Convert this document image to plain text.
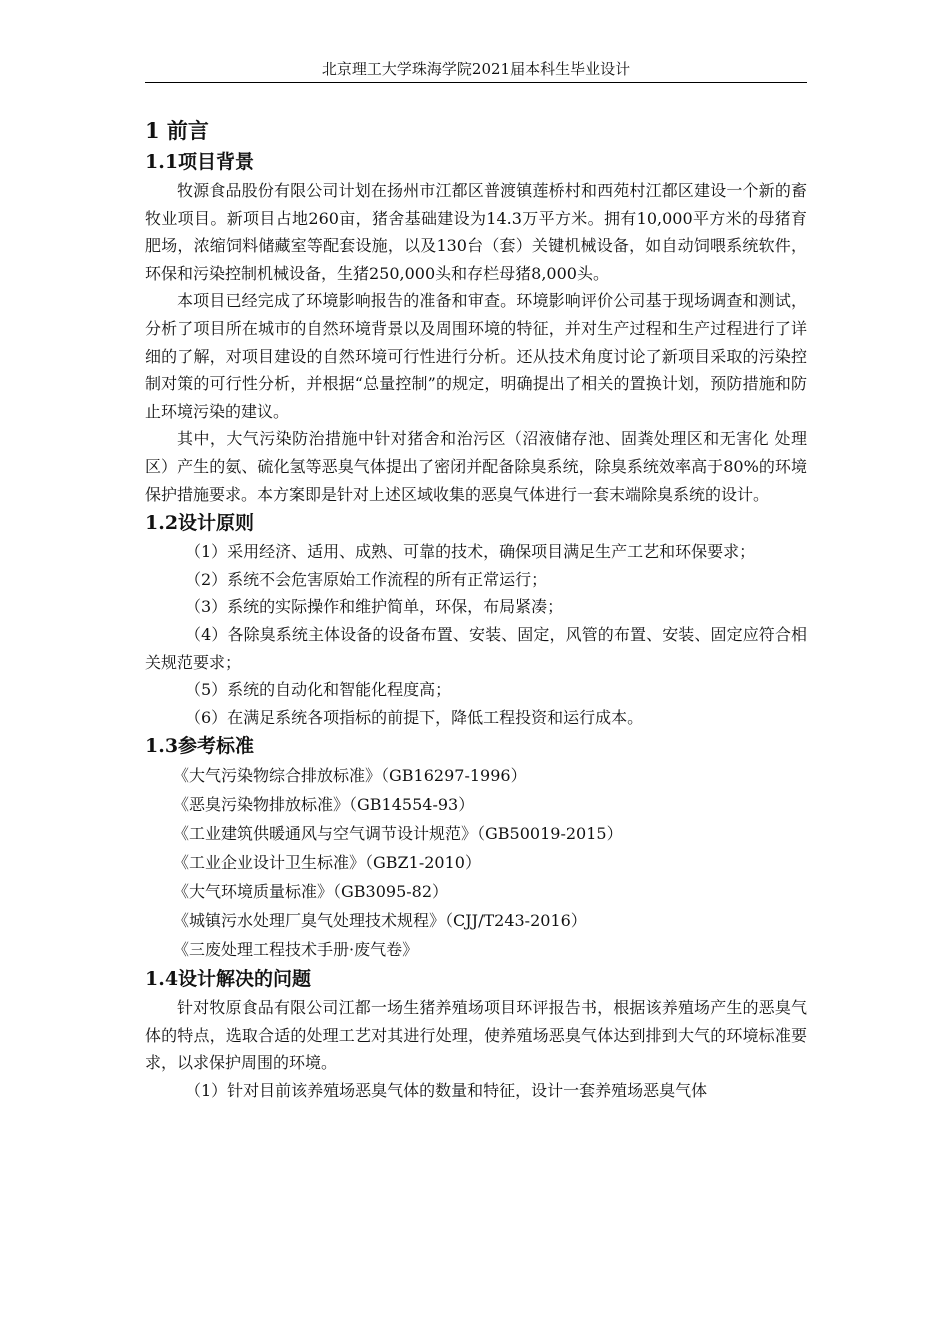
北京理工大学珠海学院2021届本科生毕业设计
1 前言
1.1项目背景

牧源食品股份有限公司计划在扬州市江都区普渡镇莲桥村和西苑村江都区建设一个新的畜牧业项目。新项目占地260亩，猪舍基础建设为14.3万平方米。拥有10,000平方米的母猪育肥场，浓缩饲料储藏室等配套设施，以及130台（套）关键机械设备，如自动饲喂系统软件，环保和污染控制机械设备，生猪250,000头和存栏母猪8,000头。

本项目已经完成了环境影响报告的准备和审查。环境影响评价公司基于现场调查和测试，分析了项目所在城市的自然环境背景以及周围环境的特征，并对生产过程和生产过程进行了详细的了解，对项目建设的自然环境可行性进行分析。还从技术角度讨论了新项目采取的污染控制对策的可行性分析，并根据“总量控制”的规定，明确提出了相关的置换计划，预防措施和防止环境污染的建议。

其中，大气污染防治措施中针对猪舍和治污区（沼液储存池、固粪处理区和无害化 处理区）产生的氨、硫化氢等恶臭气体提出了密闭并配备除臭系统，除臭系统效率高于80%的环境保护措施要求。本方案即是针对上述区域收集的恶臭气体进行一套末端除臭系统的设计。

1.2设计原则

（1）采用经济、适用、成熟、可靠的技术，确保项目满足生产工艺和环保要求；

（2）系统不会危害原始工作流程的所有正常运行；

（3）系统的实际操作和维护简单，环保，布局紧凑；

（4）各除臭系统主体设备的设备布置、安装、固定，风管的布置、安装、固定应符合相关规范要求；

（5）系统的自动化和智能化程度高；

（6）在满足系统各项指标的前提下，降低工程投资和运行成本。

1.3参考标准

《大气污染物综合排放标准》（GB16297-1996）

《恶臭污染物排放标准》（GB14554-93）

《工业建筑供暖通风与空气调节设计规范》（GB50019-2015）

《工业企业设计卫生标准》（GBZ1-2010）

《大气环境质量标准》（GB3095-82）

《城镇污水处理厂臭气处理技术规程》（CJJ/T243-2016）

《三废处理工程技术手册·废气卷》

1.4设计解决的问题

针对牧原食品有限公司江都一场生猪养殖场项目环评报告书，根据该养殖场产生的恶臭气体的特点，选取合适的处理工艺对其进行处理，使养殖场恶臭气体达到排到大气的环境标准要求，以求保护周围的环境。

（1）针对目前该养殖场恶臭气体的数量和特征，设计一套养殖场恶臭气体
